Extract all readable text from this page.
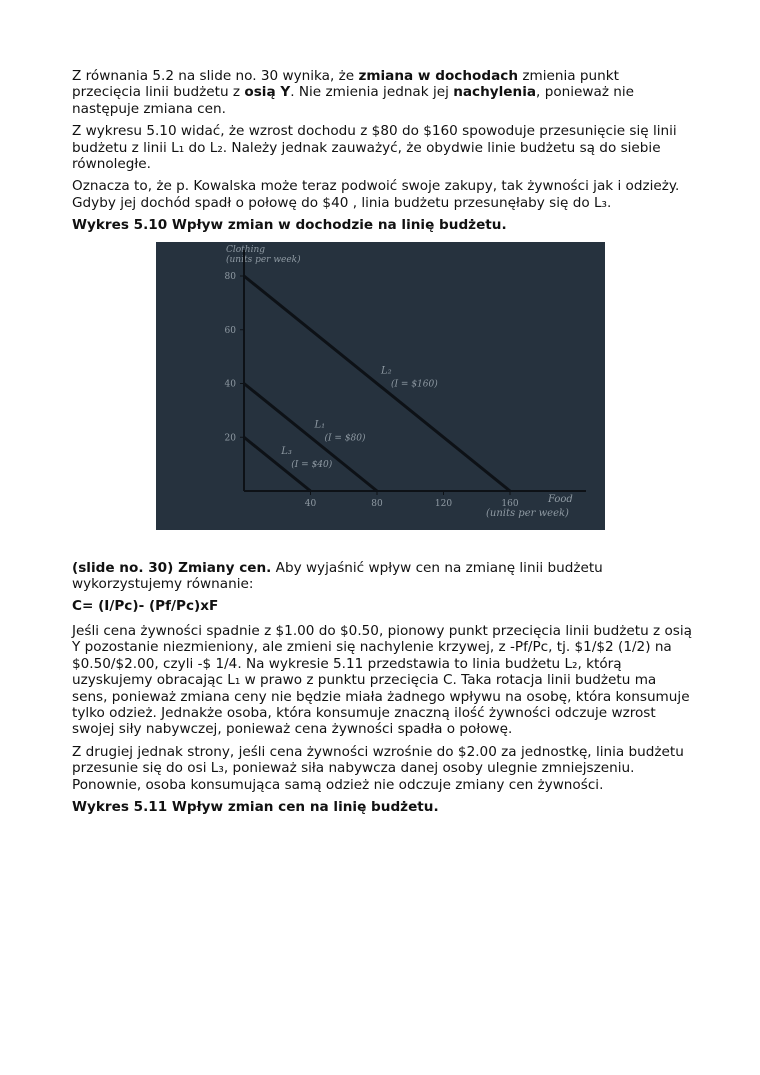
Z równania 5.2 na slide no. 30 wynika, że zmiana w dochodach zmienia punkt przecięcia linii budżetu z osią Y. Nie zmienia jednak jej nachylenia, ponieważ nie następuje zmiana cen.

Z wykresu 5.10 widać, że wzrost dochodu z $80 do $160 spowoduje przesunięcie się linii budżetu z linii L₁ do L₂. Należy jednak zauważyć, że obydwie linie budżetu są do siebie równoległe.

Oznacza to, że p. Kowalska może teraz podwoić swoje zakupy, tak żywności jak i odzieży. Gdyby jej dochód spadł o połowę do $40 , linia budżetu przesunęłaby się do L₃.

Wykres 5.10 Wpływ zmian w dochodzie na linię budżetu.

Clothing
(units per week)
Food
(units per week)
20
40
60
80
40	80	120	160
L₃
(I = $40)
L₁
(I = $80)
L₂
(I = $160)

(slide no. 30) Zmiany cen. Aby wyjaśnić wpływ cen na zmianę linii budżetu wykorzystujemy równanie:

C= (I/Pc)- (Pf/Pc)xF

Jeśli cena żywności spadnie z $1.00 do $0.50, pionowy punkt przecięcia linii budżetu z osią Y pozostanie niezmieniony, ale zmieni się nachylenie krzywej, z -Pf/Pc, tj. $1/$2 (1/2) na $0.50/$2.00, czyli -$ 1/4. Na wykresie 5.11 przedstawia to linia budżetu L₂, którą uzyskujemy obracając L₁ w prawo z punktu przecięcia C. Taka rotacja linii budżetu ma sens, ponieważ zmiana ceny nie będzie miała żadnego wpływu na osobę, która konsumuje tylko odzież. Jednakże osoba, która konsumuje znaczną ilość żywności odczuje wzrost swojej siły nabywczej, ponieważ cena żywności spadła o połowę.

Z drugiej jednak strony, jeśli cena żywności wzrośnie do $2.00 za jednostkę, linia budżetu przesunie się do osi L₃, ponieważ siła nabywcza danej osoby ulegnie zmniejszeniu. Ponownie, osoba konsumująca samą odzież nie odczuje zmiany cen żywności.

Wykres 5.11 Wpływ zmian cen na linię budżetu.
